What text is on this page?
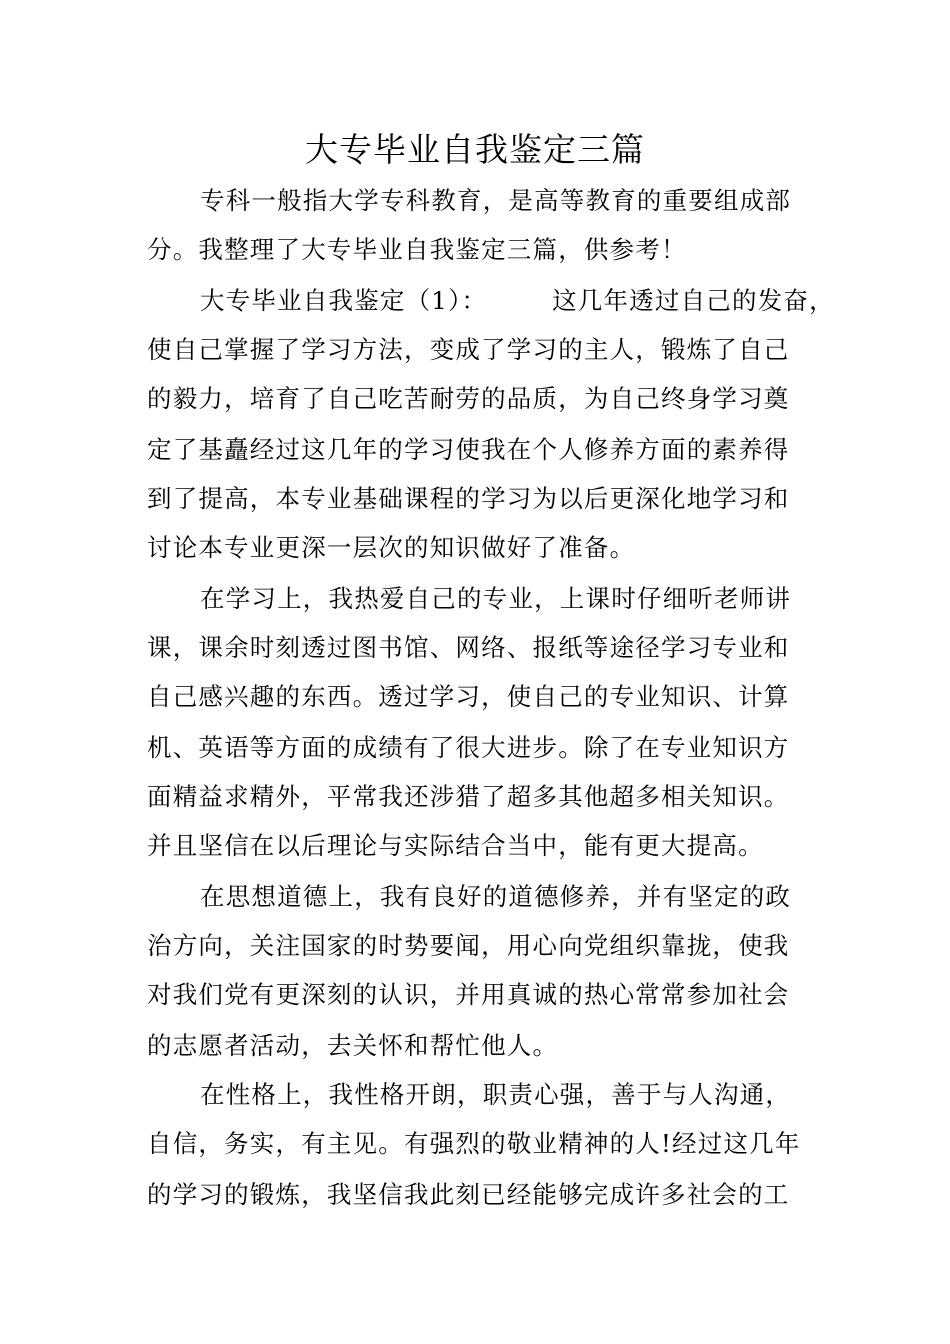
大专毕业自我鉴定三篇
专科一般指大学专科教育，是高等教育的重要组成部
分。我整理了大专毕业自我鉴定三篇，供参考！
大专毕业自我鉴定（1）：　　　这几年透过自己的发奋，
使自己掌握了学习方法，变成了学习的主人，锻炼了自己
的毅力，培育了自己吃苦耐劳的品质，为自己终身学习奠
定了基矗经过这几年的学习使我在个人修养方面的素养得
到了提高，本专业基础课程的学习为以后更深化地学习和
讨论本专业更深一层次的知识做好了准备。
在学习上，我热爱自己的专业，上课时仔细听老师讲
课，课余时刻透过图书馆、网络、报纸等途径学习专业和
自己感兴趣的东西。透过学习，使自己的专业知识、计算
机、英语等方面的成绩有了很大进步。除了在专业知识方
面精益求精外，平常我还涉猎了超多其他超多相关知识。
并且坚信在以后理论与实际结合当中，能有更大提高。
在思想道德上，我有良好的道德修养，并有坚定的政
治方向，关注国家的时势要闻，用心向党组织靠拢，使我
对我们党有更深刻的认识，并用真诚的热心常常参加社会
的志愿者活动，去关怀和帮忙他人。
在性格上，我性格开朗，职责心强，善于与人沟通，
自信，务实，有主见。有强烈的敬业精神的人!经过这几年
的学习的锻炼，我坚信我此刻已经能够完成许多社会的工
